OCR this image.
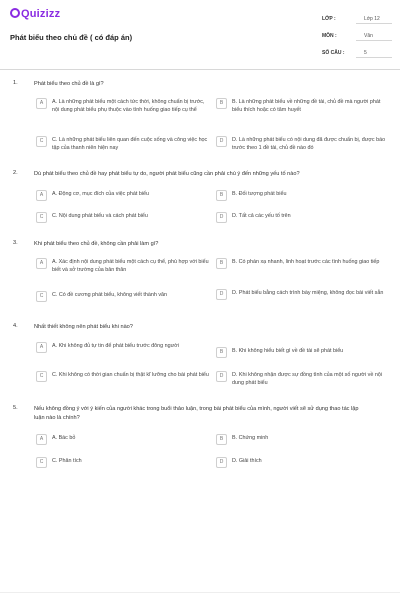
Quizizz
Phát biểu theo chủ đề ( có đáp án)
LỚP :	Lớp 12
MÔN :	Văn
SỐ CÂU :	5
1.	Phát biểu theo chủ đề là gì?
A	A. Là những phát biểu một cách tức thời, không chuẩn bị trước, nội dung phát biểu phụ thuộc vào tình huống giao tiếp cụ thể
B	B. Là những phát biểu về những đề tài, chủ đề mà người phát biểu thích hoặc có tâm huyết
C	C. Là những phát biểu liên quan đến cuộc sống và công việc học tập của thanh niên hiện nay
D	D. Là những phát biểu có nội dung đã được chuẩn bị, được báo trước theo 1 đề tài, chủ đề nào đó
2.	Dù phát biểu theo chủ đề hay phát biểu tự do, người phát biểu cũng cần phải chú ý đến những yếu tố nào?
A	A. Động cơ, mục đích của việc phát biểu	B	B. Đối tượng phát biểu
C	C. Nội dung phát biểu và cách phát biểu	D	D. Tất cả các yếu tố trên
3.	Khi phát biểu theo chủ đề, không cần phải làm gì?
A	A. Xác định nội dung phát biểu một cách cụ thể, phù hợp với biểu biết và sở trường của bản thân
B	B. Có phán xạ nhanh, linh hoạt trước các tình huống giao tiếp
C	C. Có đề cương phát biểu, không viết thành văn	D	D. Phát biểu bằng cách trình bày miệng, không đọc bài viết sẵn
4.	Nhất thiết không nên phát biểu khi nào?
A	A. Khi không đủ tự tin để phát biểu trước đông người
B	B. Khi không hiểu biết gì về đề tài sẽ phát biểu
C	C. Khi không có thời gian chuẩn bị thật kĩ lưỡng cho bài phát biểu	D	D. Khi không nhận được sự đồng tình của một số người về nội dung phát biểu
5.	Nếu không đồng ý với ý kiến của người khác trong buổi thảo luận, trong bài phát biểu của mình, người viết sẽ sử dụng thao tác lập luận nào là chính?
A	A. Bác bỏ	B	B. Chứng minh
C	C. Phân tích	D	D. Giải thích
